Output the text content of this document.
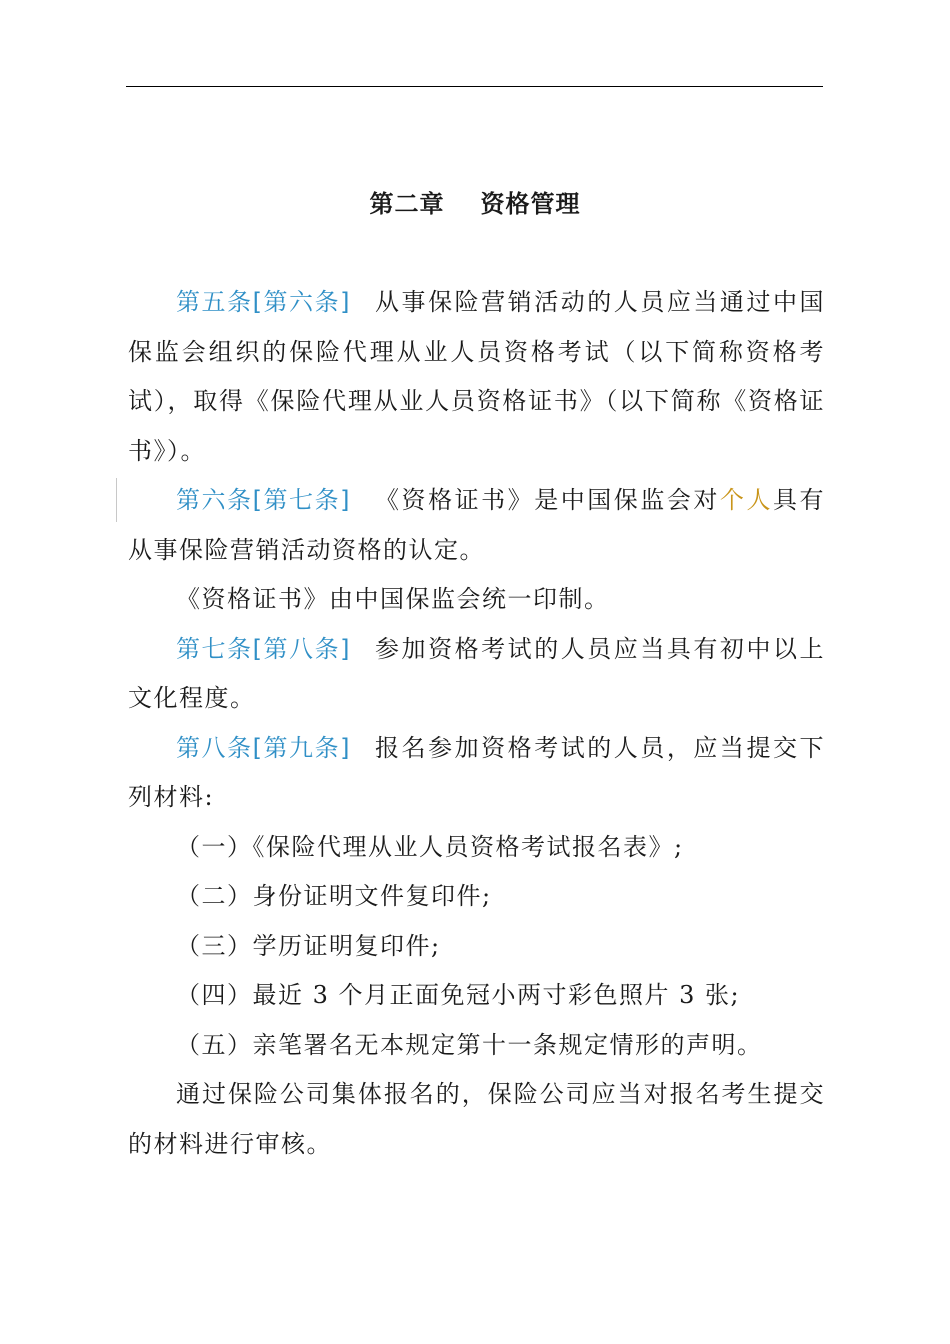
第二章 资格管理

第五条[第六条] 从事保险营销活动的人员应当通过中国保监会组织的保险代理从业人员资格考试（以下简称资格考试），取得《保险代理从业人员资格证书》（以下简称《资格证书》）。

第六条[第七条] 《资格证书》是中国保监会对个人具有从事保险营销活动资格的认定。

《资格证书》由中国保监会统一印制。

第七条[第八条] 参加资格考试的人员应当具有初中以上文化程度。

第八条[第九条] 报名参加资格考试的人员，应当提交下列材料:

（一）《保险代理从业人员资格考试报名表》;

（二）身份证明文件复印件;

（三）学历证明复印件;

（四）最近 3 个月正面免冠小两寸彩色照片 3 张;

（五）亲笔署名无本规定第十一条规定情形的声明。

通过保险公司集体报名的，保险公司应当对报名考生提交的材料进行审核。
